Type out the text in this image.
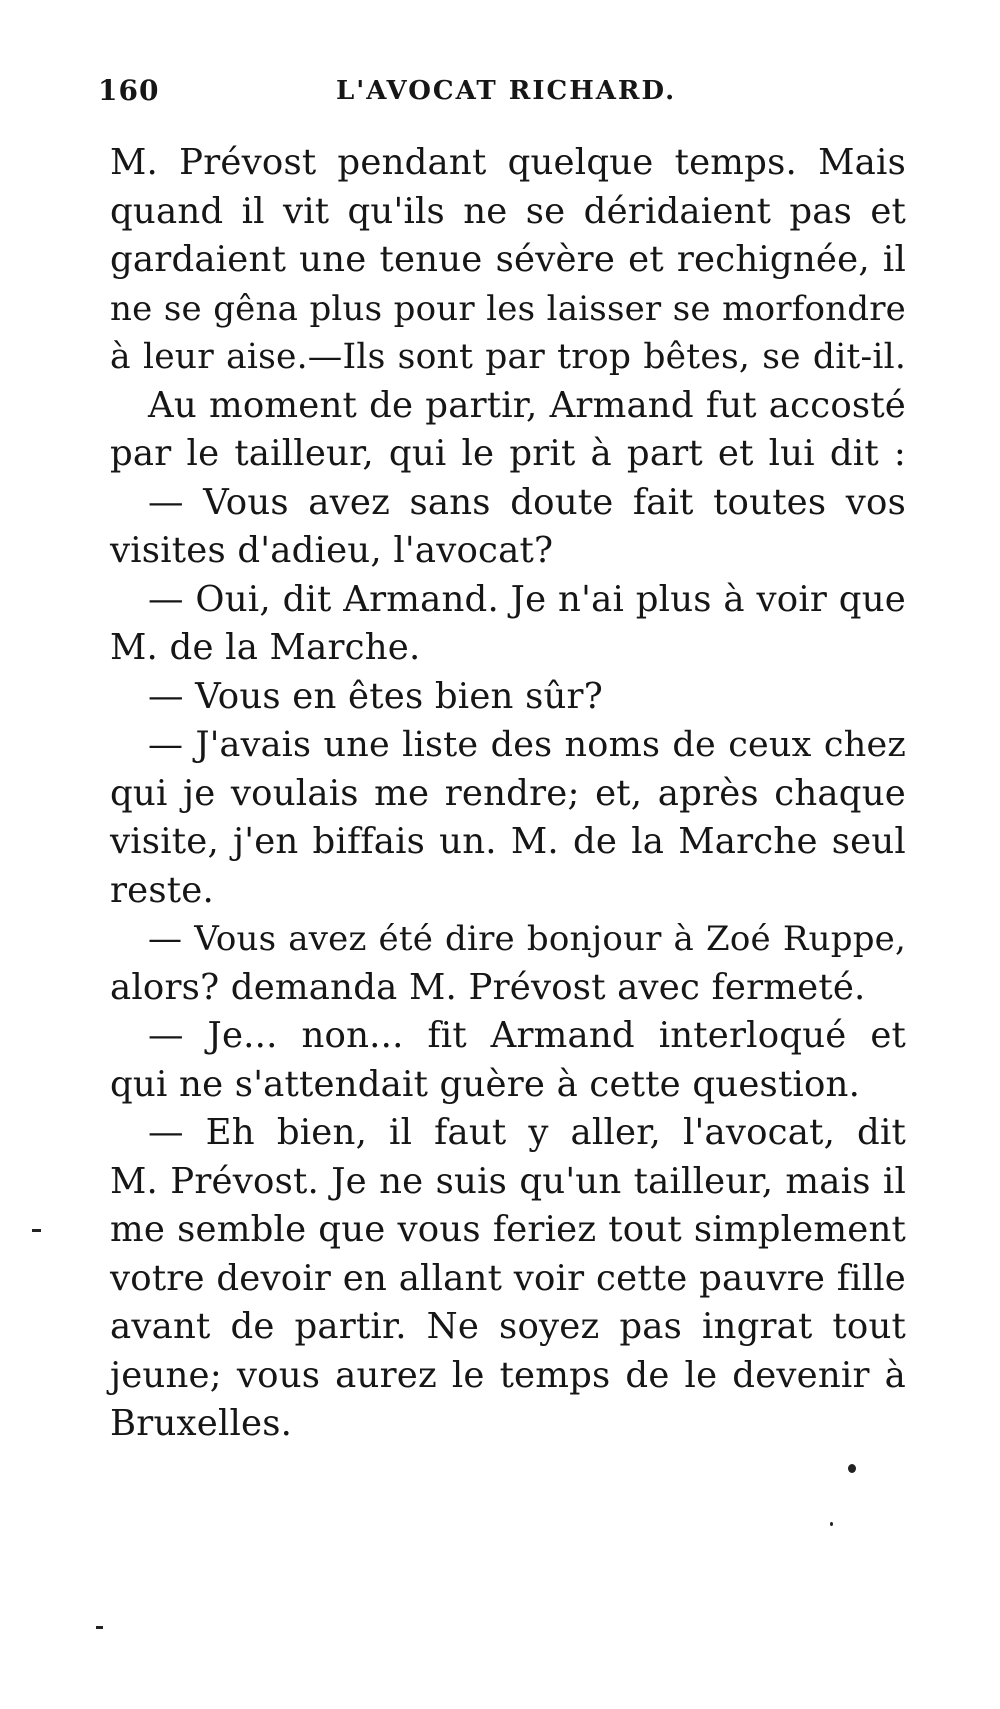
160	L'AVOCAT RICHARD.
M. Prévost pendant quelque temps. Mais
quand il vit qu'ils ne se déridaient pas et
gardaient une tenue sévère et rechignée, il
ne se gêna plus pour les laisser se morfondre
à leur aise.—Ils sont par trop bêtes, se dit-il.
Au moment de partir, Armand fut accosté
par le tailleur, qui le prit à part et lui dit :
— Vous avez sans doute fait toutes vos
visites d'adieu, l'avocat?
— Oui, dit Armand. Je n'ai plus à voir que
M. de la Marche.
— Vous en êtes bien sûr?
— J'avais une liste des noms de ceux chez
qui je voulais me rendre; et, après chaque
visite, j'en biffais un. M. de la Marche seul
reste.
— Vous avez été dire bonjour à Zoé Ruppe,
alors? demanda M. Prévost avec fermeté.
— Je... non... fit Armand interloqué et
qui ne s'attendait guère à cette question.
— Eh bien, il faut y aller, l'avocat, dit
M. Prévost. Je ne suis qu'un tailleur, mais il
me semble que vous feriez tout simplement
votre devoir en allant voir cette pauvre fille
avant de partir. Ne soyez pas ingrat tout
jeune; vous aurez le temps de le devenir à
Bruxelles.
